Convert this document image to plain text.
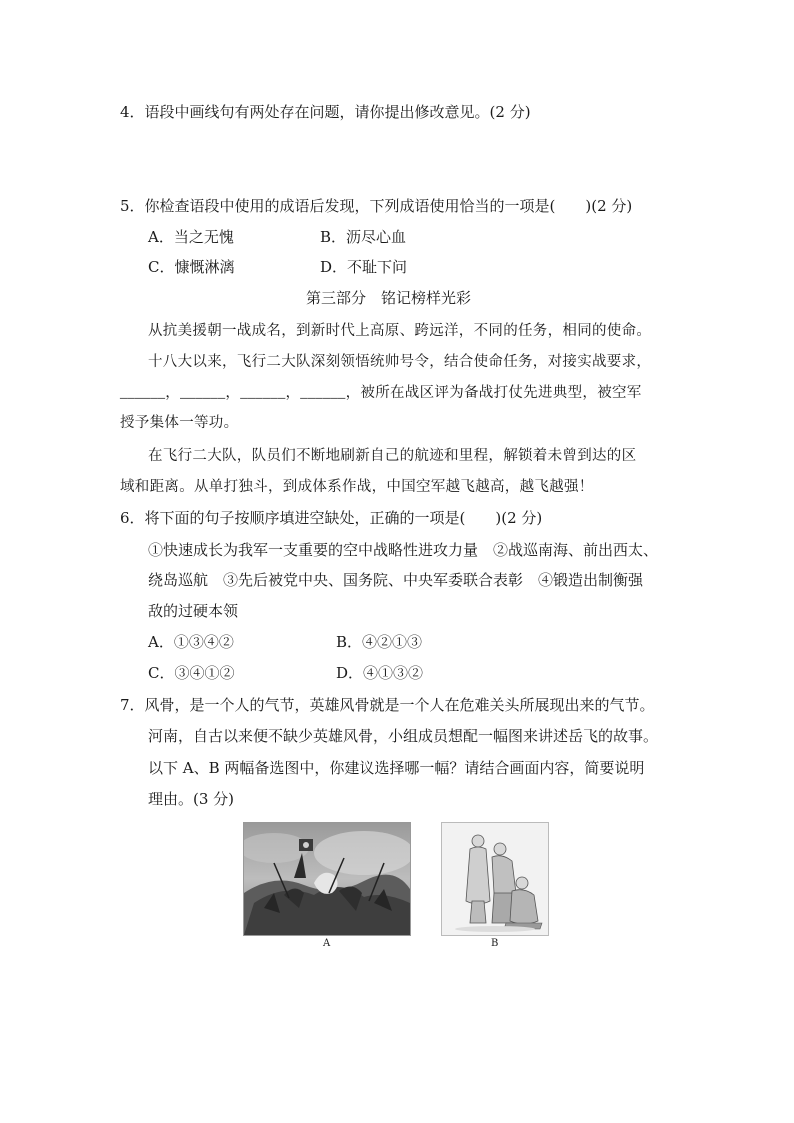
4．语段中画线句有两处存在问题，请你提出修改意见。(2 分)
5．你检查语段中使用的成语后发现，下列成语使用恰当的一项是(　　)(2 分)
A．当之无愧	B．沥尽心血
C．慷慨淋漓	D．不耻下问
第三部分　铭记榜样光彩
从抗美援朝一战成名，到新时代上高原、跨远洋，不同的任务，相同的使命。
十八大以来，飞行二大队深刻领悟统帅号令，结合使命任务，对接实战要求，
______，______，______，______，被所在战区评为备战打仗先进典型，被空军
授予集体一等功。
在飞行二大队，队员们不断地刷新自己的航迹和里程，解锁着未曾到达的区
域和距离。从单打独斗，到成体系作战，中国空军越飞越高，越飞越强！
6．将下面的句子按顺序填进空缺处，正确的一项是(　　)(2 分)
①快速成长为我军一支重要的空中战略性进攻力量　②战巡南海、前出西太、
绕岛巡航　③先后被党中央、国务院、中央军委联合表彰　④锻造出制衡强
敌的过硬本领
A．①③④②	B．④②①③
C．③④①②	D．④①③②
7．风骨，是一个人的气节，英雄风骨就是一个人在危难关头所展现出来的气节。
河南，自古以来便不缺少英雄风骨，小组成员想配一幅图来讲述岳飞的故事。
以下 A、B 两幅备选图中，你建议选择哪一幅？请结合画面内容，简要说明
理由。(3 分)
A	B
